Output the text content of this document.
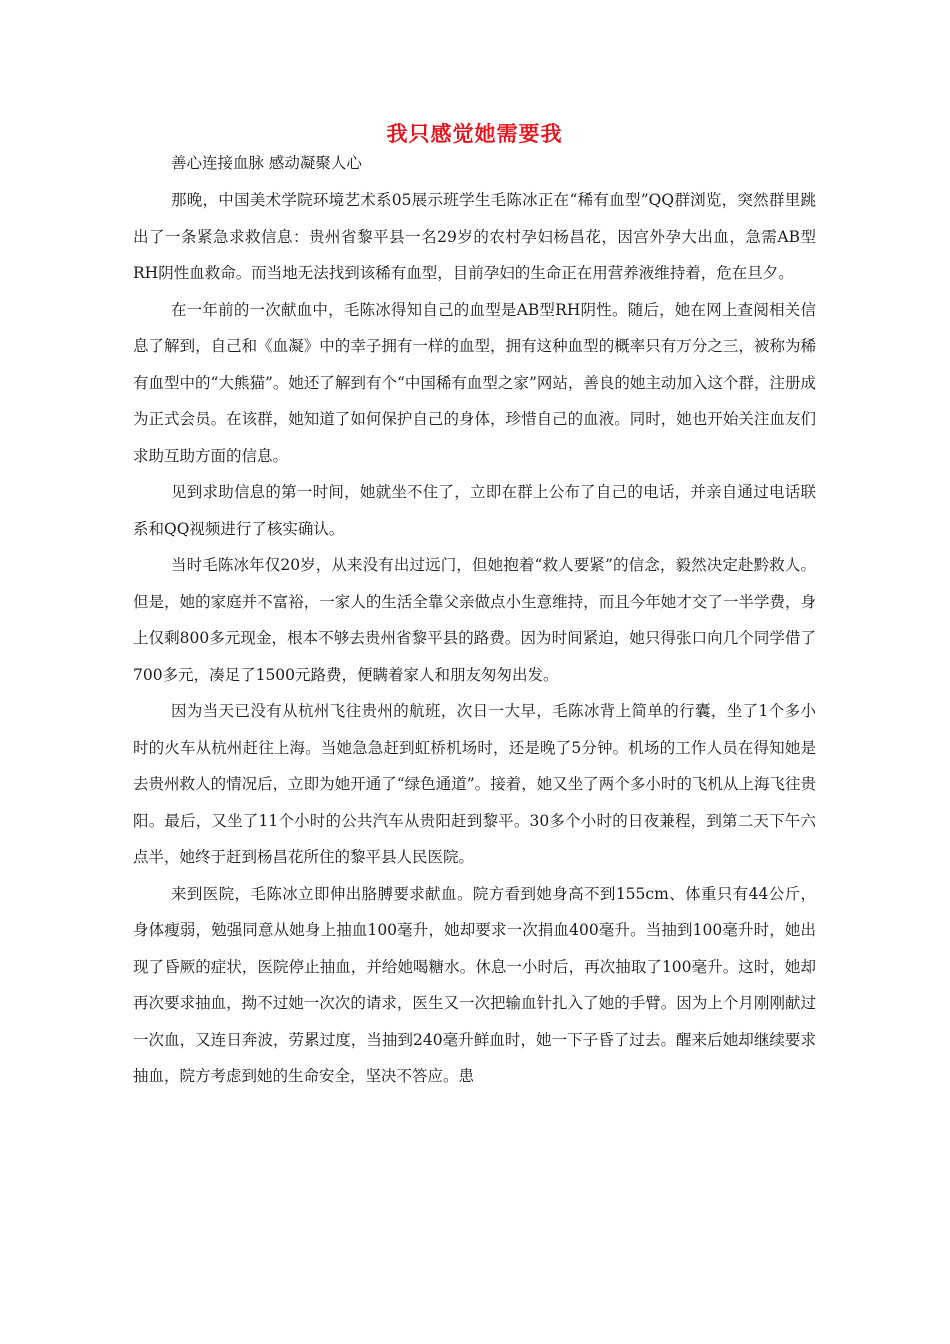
我只感觉她需要我

善心连接血脉 感动凝聚人心

那晚，中国美术学院环境艺术系05展示班学生毛陈冰正在“稀有血型”QQ群浏览，突然群里跳出了一条紧急求救信息：贵州省黎平县一名29岁的农村孕妇杨昌花，因宫外孕大出血，急需AB型RH阴性血救命。而当地无法找到该稀有血型，目前孕妇的生命正在用营养液维持着，危在旦夕。

在一年前的一次献血中，毛陈冰得知自己的血型是AB型RH阴性。随后，她在网上查阅相关信息了解到，自己和《血凝》中的幸子拥有一样的血型，拥有这种血型的概率只有万分之三，被称为稀有血型中的“大熊猫”。她还了解到有个“中国稀有血型之家”网站，善良的她主动加入这个群，注册成为正式会员。在该群，她知道了如何保护自己的身体，珍惜自己的血液。同时，她也开始关注血友们求助互助方面的信息。

见到求助信息的第一时间，她就坐不住了，立即在群上公布了自己的电话，并亲自通过电话联系和QQ视频进行了核实确认。

当时毛陈冰年仅20岁，从来没有出过远门，但她抱着“救人要紧”的信念，毅然决定赴黔救人。但是，她的家庭并不富裕，一家人的生活全靠父亲做点小生意维持，而且今年她才交了一半学费，身上仅剩800多元现金，根本不够去贵州省黎平县的路费。因为时间紧迫，她只得张口向几个同学借了700多元，凑足了1500元路费，便瞒着家人和朋友匆匆出发。

因为当天已没有从杭州飞往贵州的航班，次日一大早，毛陈冰背上简单的行囊，坐了1个多小时的火车从杭州赶往上海。当她急急赶到虹桥机场时，还是晚了5分钟。机场的工作人员在得知她是去贵州救人的情况后，立即为她开通了“绿色通道”。接着，她又坐了两个多小时的飞机从上海飞往贵阳。最后，又坐了11个小时的公共汽车从贵阳赶到黎平。30多个小时的日夜兼程，到第二天下午六点半，她终于赶到杨昌花所住的黎平县人民医院。

来到医院，毛陈冰立即伸出胳膊要求献血。院方看到她身高不到155cm、体重只有44公斤，身体瘦弱，勉强同意从她身上抽血100毫升，她却要求一次捐血400毫升。当抽到100毫升时，她出现了昏厥的症状，医院停止抽血，并给她喝糖水。休息一小时后，再次抽取了100毫升。这时，她却再次要求抽血，拗不过她一次次的请求，医生又一次把输血针扎入了她的手臂。因为上个月刚刚献过一次血，又连日奔波，劳累过度，当抽到240毫升鲜血时，她一下子昏了过去。醒来后她却继续要求抽血，院方考虑到她的生命安全，坚决不答应。患
